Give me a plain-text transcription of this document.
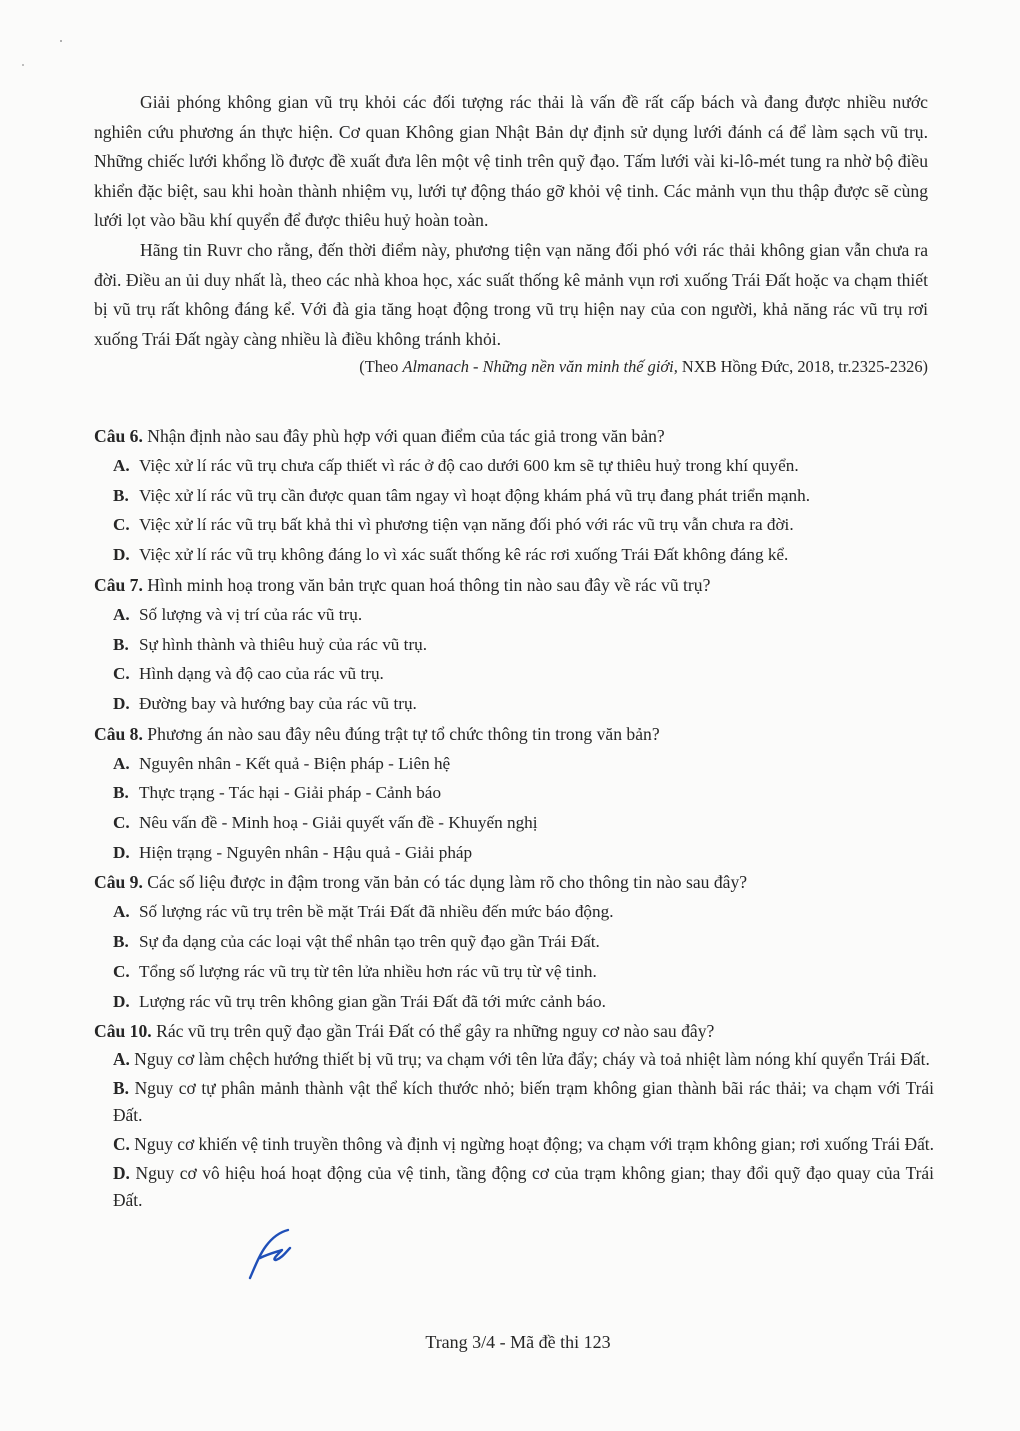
Giải phóng không gian vũ trụ khỏi các đối tượng rác thải là vấn đề rất cấp bách và đang được nhiều nước nghiên cứu phương án thực hiện. Cơ quan Không gian Nhật Bản dự định sử dụng lưới đánh cá để làm sạch vũ trụ. Những chiếc lưới khổng lồ được đề xuất đưa lên một vệ tinh trên quỹ đạo. Tấm lưới vài ki-lô-mét tung ra nhờ bộ điều khiển đặc biệt, sau khi hoàn thành nhiệm vụ, lưới tự động tháo gỡ khỏi vệ tinh. Các mảnh vụn thu thập được sẽ cùng lưới lọt vào bầu khí quyển để được thiêu huỷ hoàn toàn.

Hãng tin Ruvr cho rằng, đến thời điểm này, phương tiện vạn năng đối phó với rác thải không gian vẫn chưa ra đời. Điều an ủi duy nhất là, theo các nhà khoa học, xác suất thống kê mảnh vụn rơi xuống Trái Đất hoặc va chạm thiết bị vũ trụ rất không đáng kể. Với đà gia tăng hoạt động trong vũ trụ hiện nay của con người, khả năng rác vũ trụ rơi xuống Trái Đất ngày càng nhiều là điều không tránh khỏi.

(Theo Almanach - Những nền văn minh thế giới, NXB Hồng Đức, 2018, tr.2325-2326)

Câu 6. Nhận định nào sau đây phù hợp với quan điểm của tác giả trong văn bản?

A. Việc xử lí rác vũ trụ chưa cấp thiết vì rác ở độ cao dưới 600 km sẽ tự thiêu huỷ trong khí quyển.

B. Việc xử lí rác vũ trụ cần được quan tâm ngay vì hoạt động khám phá vũ trụ đang phát triển mạnh.

C. Việc xử lí rác vũ trụ bất khả thi vì phương tiện vạn năng đối phó với rác vũ trụ vẫn chưa ra đời.

D. Việc xử lí rác vũ trụ không đáng lo vì xác suất thống kê rác rơi xuống Trái Đất không đáng kể.

Câu 7. Hình minh hoạ trong văn bản trực quan hoá thông tin nào sau đây về rác vũ trụ?

A. Số lượng và vị trí của rác vũ trụ.

B. Sự hình thành và thiêu huỷ của rác vũ trụ.

C. Hình dạng và độ cao của rác vũ trụ.

D. Đường bay và hướng bay của rác vũ trụ.

Câu 8. Phương án nào sau đây nêu đúng trật tự tổ chức thông tin trong văn bản?

A. Nguyên nhân - Kết quả - Biện pháp - Liên hệ

B. Thực trạng - Tác hại - Giải pháp - Cảnh báo

C. Nêu vấn đề - Minh hoạ - Giải quyết vấn đề - Khuyến nghị

D. Hiện trạng - Nguyên nhân - Hậu quả - Giải pháp

Câu 9. Các số liệu được in đậm trong văn bản có tác dụng làm rõ cho thông tin nào sau đây?

A. Số lượng rác vũ trụ trên bề mặt Trái Đất đã nhiều đến mức báo động.

B. Sự đa dạng của các loại vật thể nhân tạo trên quỹ đạo gần Trái Đất.

C. Tổng số lượng rác vũ trụ từ tên lửa nhiều hơn rác vũ trụ từ vệ tinh.

D. Lượng rác vũ trụ trên không gian gần Trái Đất đã tới mức cảnh báo.

Câu 10. Rác vũ trụ trên quỹ đạo gần Trái Đất có thể gây ra những nguy cơ nào sau đây?

A. Nguy cơ làm chệch hướng thiết bị vũ trụ; va chạm với tên lửa đẩy; cháy và toả nhiệt làm nóng khí quyển Trái Đất.

B. Nguy cơ tự phân mảnh thành vật thể kích thước nhỏ; biến trạm không gian thành bãi rác thải; va chạm với Trái Đất.

C. Nguy cơ khiến vệ tinh truyền thông và định vị ngừng hoạt động; va chạm với trạm không gian; rơi xuống Trái Đất.

D. Nguy cơ vô hiệu hoá hoạt động của vệ tinh, tầng động cơ của trạm không gian; thay đổi quỹ đạo quay của Trái Đất.

Trang 3/4 - Mã đề thi 123
